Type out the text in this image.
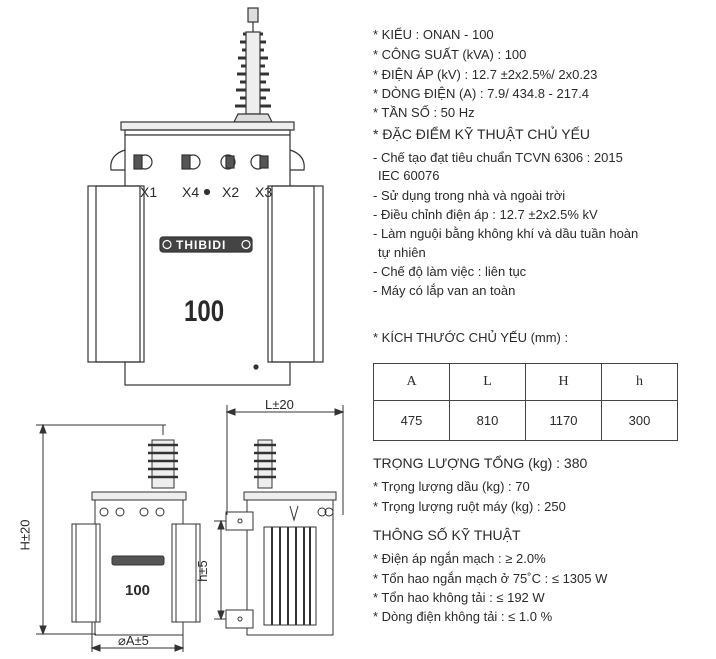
X1 X4 X2 X3
THIBIDI
100
100
H±20
⌀A±5
L±20
h±5
* KIỂU : ONAN - 100
* CÔNG SUẤT (kVA) : 100
* ĐIỆN ÁP (kV) : 12.7 ±2x2.5%/ 2x0.23
* DÒNG ĐIỆN (A) : 7.9/ 434.8 - 217.4
* TẦN SỐ : 50 Hz
* ĐẶC ĐIỂM KỸ THUẬT CHỦ YẾU
- Chế tạo đạt tiêu chuẩn TCVN 6306 : 2015
IEC 60076
- Sử dụng trong nhà và ngoài trời
- Điều chỉnh điện áp : 12.7 ±2x2.5% kV
- Làm nguội bằng không khí và dầu tuần hoàn
tự nhiên
- Chế độ làm việc : liên tục
- Máy có lắp van an toàn
* KÍCH THƯỚC CHỦ YẾU (mm) :
A	L	H	h
475	810	1170	300
TRỌNG LƯỢNG TỔNG (kg) : 380
* Trọng lượng dầu (kg) : 70
* Trọng lượng ruột máy (kg) : 250
THÔNG SỐ KỸ THUẬT
* Điện áp ngắn mạch : ≥ 2.0%
* Tổn hao ngắn mạch ở 75˚C : ≤ 1305 W
* Tổn hao không tải : ≤ 192 W
* Dòng điện không tải : ≤ 1.0 %
